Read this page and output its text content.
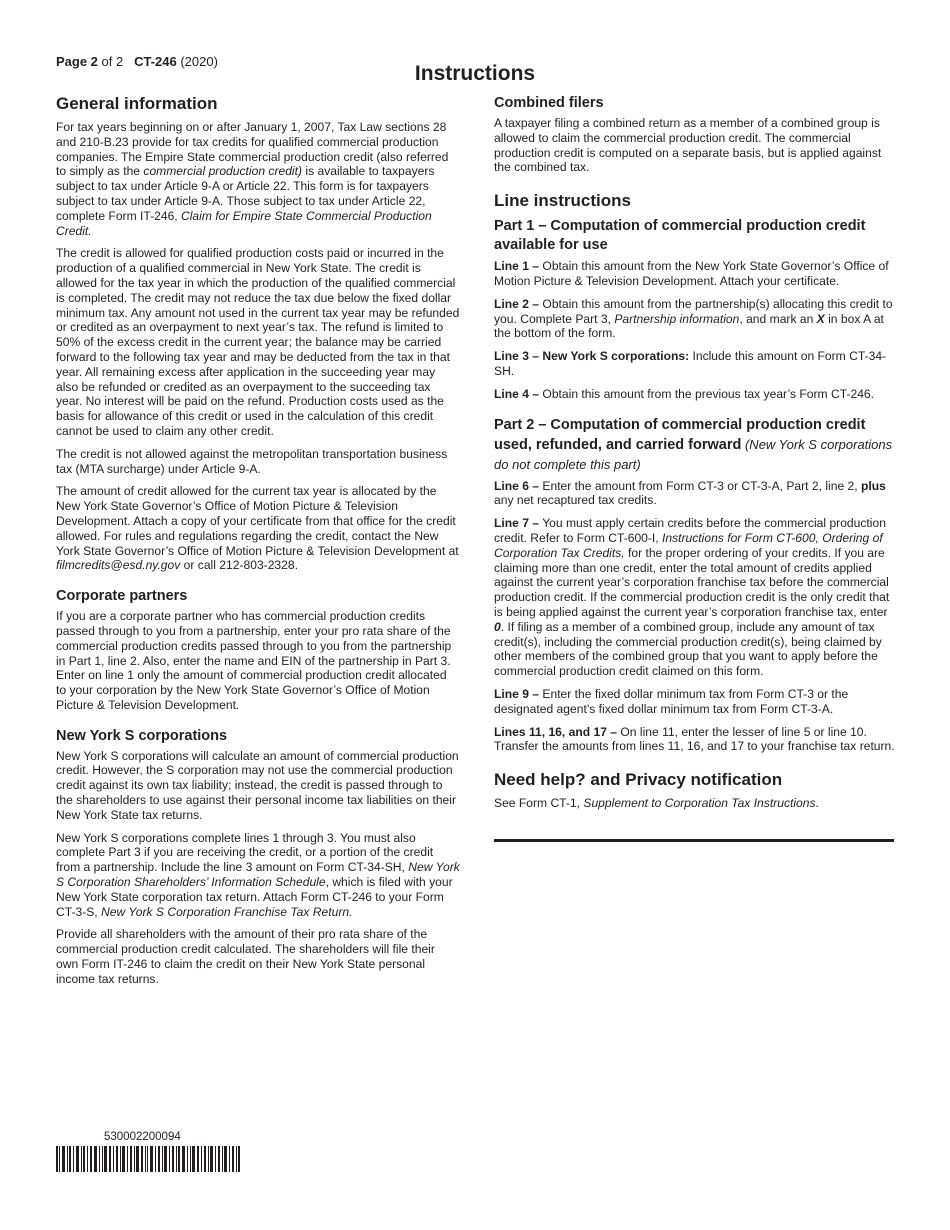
Page 2 of 2 CT-246 (2020)
Instructions
General information

For tax years beginning on or after January 1, 2007, Tax Law sections 28 and 210-B.23 provide for tax credits for qualified commercial production companies. The Empire State commercial production credit (also referred to simply as the commercial production credit) is available to taxpayers subject to tax under Article 9-A or Article 22. This form is for taxpayers subject to tax under Article 9-A. Those subject to tax under Article 22, complete Form IT-246, Claim for Empire State Commercial Production Credit.

The credit is allowed for qualified production costs paid or incurred in the production of a qualified commercial in New York State. The credit is allowed for the tax year in which the production of the qualified commercial is completed. The credit may not reduce the tax due below the fixed dollar minimum tax. Any amount not used in the current tax year may be refunded or credited as an overpayment to next year’s tax. The refund is limited to 50% of the excess credit in the current year; the balance may be carried forward to the following tax year and may be deducted from the tax in that year. All remaining excess after application in the succeeding year may also be refunded or credited as an overpayment to the succeeding tax year. No interest will be paid on the refund. Production costs used as the basis for allowance of this credit or used in the calculation of this credit cannot be used to claim any other credit.

The credit is not allowed against the metropolitan transportation business tax (MTA surcharge) under Article 9-A.

The amount of credit allowed for the current tax year is allocated by the New York State Governor’s Office of Motion Picture & Television Development. Attach a copy of your certificate from that office for the credit allowed. For rules and regulations regarding the credit, contact the New York State Governor’s Office of Motion Picture & Television Development at filmcredits@esd.ny.gov or call 212-803-2328.

Corporate partners

If you are a corporate partner who has commercial production credits passed through to you from a partnership, enter your pro rata share of the commercial production credits passed through to you from the partnership in Part 1, line 2. Also, enter the name and EIN of the partnership in Part 3. Enter on line 1 only the amount of commercial production credit allocated to your corporation by the New York State Governor’s Office of Motion Picture & Television Development.

New York S corporations

New York S corporations will calculate an amount of commercial production credit. However, the S corporation may not use the commercial production credit against its own tax liability; instead, the credit is passed through to the shareholders to use against their personal income tax liabilities on their New York State tax returns.

New York S corporations complete lines 1 through 3. You must also complete Part 3 if you are receiving the credit, or a portion of the credit from a partnership. Include the line 3 amount on Form CT-34-SH, New York S Corporation Shareholders’ Information Schedule, which is filed with your New York State corporation tax return. Attach Form CT-246 to your Form CT-3-S, New York S Corporation Franchise Tax Return.

Provide all shareholders with the amount of their pro rata share of the commercial production credit calculated. The shareholders will file their own Form IT-246 to claim the credit on their New York State personal income tax returns.

Combined filers

A taxpayer filing a combined return as a member of a combined group is allowed to claim the commercial production credit. The commercial production credit is computed on a separate basis, but is applied against the combined tax.

Line instructions
Part 1 – Computation of commercial production credit available for use

Line 1 – Obtain this amount from the New York State Governor’s Office of Motion Picture & Television Development. Attach your certificate.

Line 2 – Obtain this amount from the partnership(s) allocating this credit to you. Complete Part 3, Partnership information, and mark an X in box A at the bottom of the form.

Line 3 – New York S corporations: Include this amount on Form CT-34-SH.

Line 4 – Obtain this amount from the previous tax year’s Form CT-246.

Part 2 – Computation of commercial production credit used, refunded, and carried forward (New York S corporations do not complete this part)

Line 6 – Enter the amount from Form CT-3 or CT-3-A, Part 2, line 2, plus any net recaptured tax credits.

Line 7 – You must apply certain credits before the commercial production credit. Refer to Form CT-600-I, Instructions for Form CT-600, Ordering of Corporation Tax Credits, for the proper ordering of your credits. If you are claiming more than one credit, enter the total amount of credits applied against the current year’s corporation franchise tax before the commercial production credit. If the commercial production credit is the only credit that is being applied against the current year’s corporation franchise tax, enter 0. If filing as a member of a combined group, include any amount of tax credit(s), including the commercial production credit(s), being claimed by other members of the combined group that you want to apply before the commercial production credit claimed on this form.

Line 9 – Enter the fixed dollar minimum tax from Form CT-3 or the designated agent’s fixed dollar minimum tax from Form CT-3-A.

Lines 11, 16, and 17 – On line 11, enter the lesser of line 5 or line 10. Transfer the amounts from lines 11, 16, and 17 to your franchise tax return.

Need help? and Privacy notification

See Form CT-1, Supplement to Corporation Tax Instructions.

530002200094
